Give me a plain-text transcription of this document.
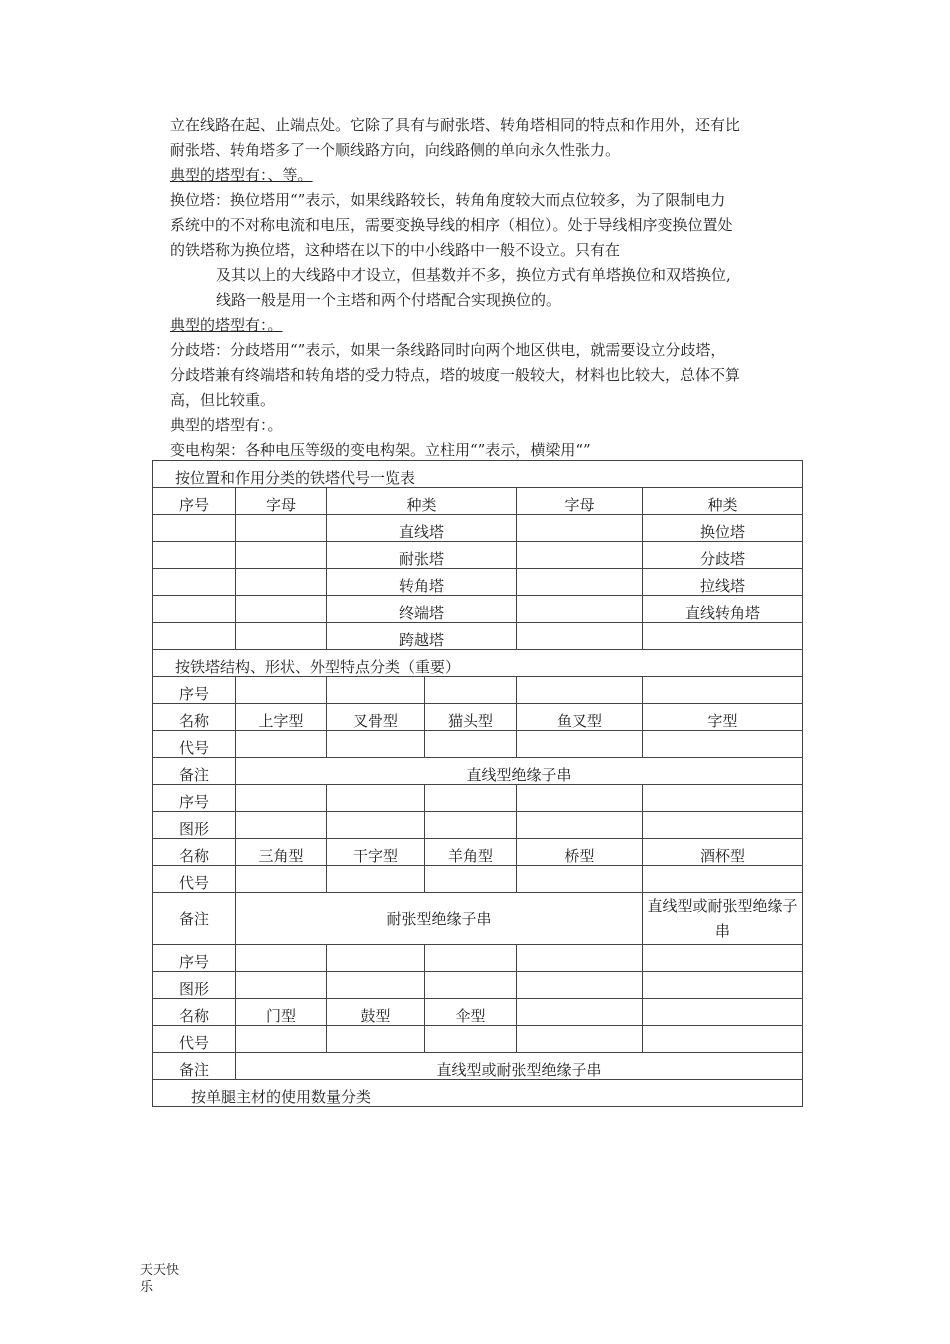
立在线路在起、止端点处。它除了具有与耐张塔、转角塔相同的特点和作用外，还有比

耐张塔、转角塔多了一个顺线路方向，向线路侧的单向永久性张力。

典型的塔型有：、等。

换位塔：换位塔用“”表示，如果线路较长，转角角度较大而点位较多，为了限制电力

系统中的不对称电流和电压，需要变换导线的相序（相位）。处于导线相序变换位置处

的铁塔称为换位塔，这种塔在以下的中小线路中一般不设立。只有在

及其以上的大线路中才设立，但基数并不多，换位方式有单塔换位和双塔换位,

线路一般是用一个主塔和两个付塔配合实现换位的。

典型的塔型有：。

分歧塔：分歧塔用“”表示，如果一条线路同时向两个地区供电，就需要设立分歧塔，

分歧塔兼有终端塔和转角塔的受力特点，塔的坡度一般较大，材料也比较大，总体不算

高，但比较重。

典型的塔型有：。

变电构架：各种电压等级的变电构架。立柱用“”表示，横梁用“”

按位置和作用分类的铁塔代号一览表					
序号	字母	种类		字母	种类
		直线塔			换位塔
		耐张塔			分歧塔
		转角塔			拉线塔
		终端塔			直线转角塔
		跨越塔			
按铁塔结构、形状、外型特点分类（重要）					
序号					
名称	上字型	叉骨型	猫头型	鱼叉型	字型
代号					
备注	直线型绝缘子串				
序号					
图形					
名称	三角型	干字型	羊角型	桥型	酒杯型
代号					
备注	耐张型绝缘子串				直线型或耐张型绝缘子串
序号					
图形					
名称	门型	鼓型	伞型		
代号					
备注	直线型或耐张型绝缘子串				
按单腿主材的使用数量分类					
天天快乐
